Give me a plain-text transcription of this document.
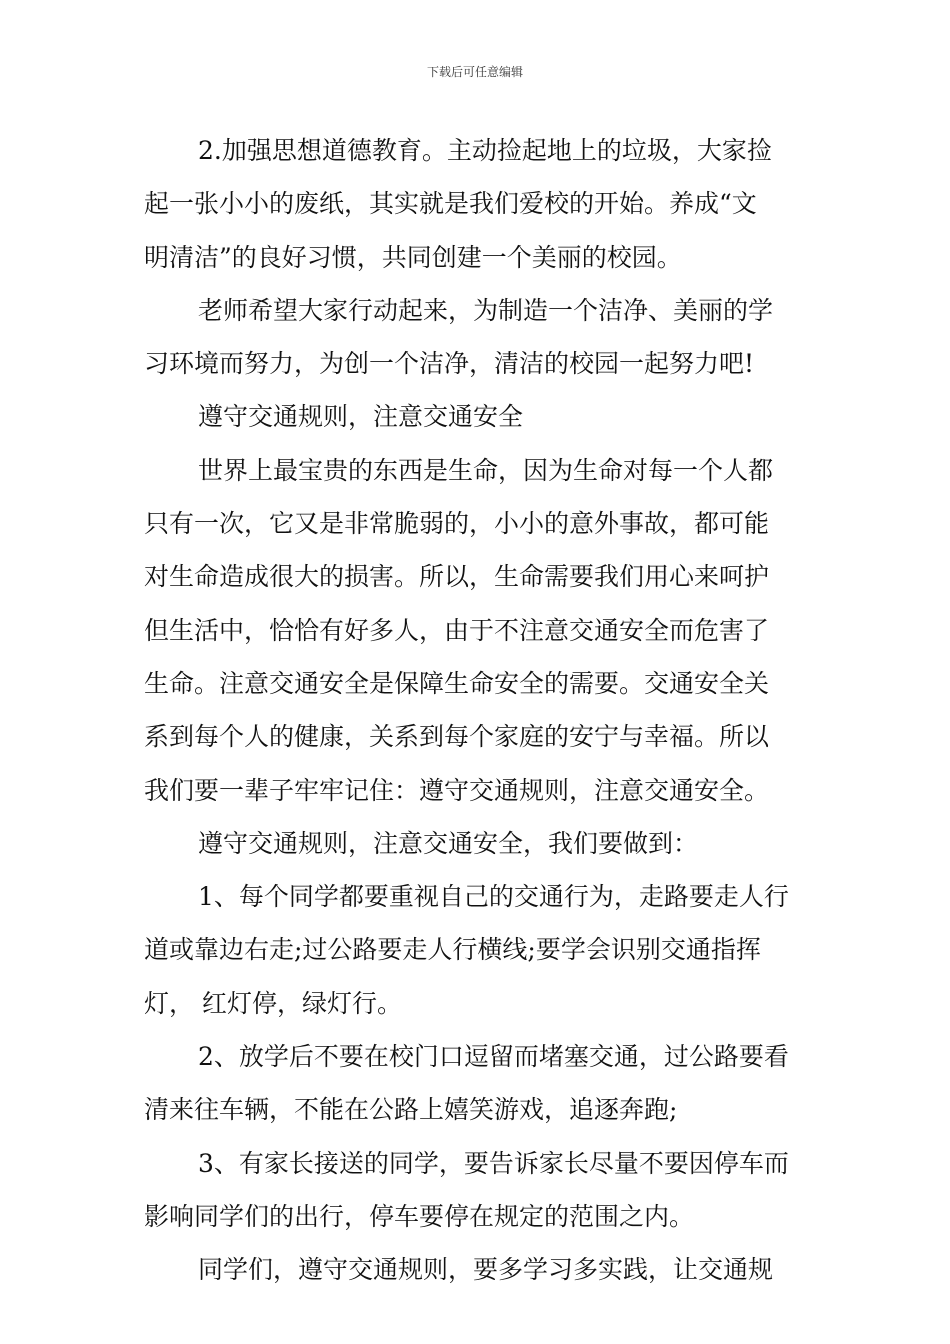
下载后可任意编辑
2.加强思想道德教育。主动捡起地上的垃圾，大家捡
起一张小小的废纸，其实就是我们爱校的开始。养成“文
明清洁”的良好习惯，共同创建一个美丽的校园。
老师希望大家行动起来，为制造一个洁净、美丽的学
习环境而努力，为创一个洁净，清洁的校园一起努力吧!
遵守交通规则，注意交通安全
世界上最宝贵的东西是生命，因为生命对每一个人都
只有一次，它又是非常脆弱的，小小的意外事故，都可能
对生命造成很大的损害。所以，生命需要我们用心来呵护
但生活中，恰恰有好多人，由于不注意交通安全而危害了
生命。注意交通安全是保障生命安全的需要。交通安全关
系到每个人的健康，关系到每个家庭的安宁与幸福。所以
我们要一辈子牢牢记住：遵守交通规则，注意交通安全。
遵守交通规则，注意交通安全，我们要做到：
1、每个同学都要重视自己的交通行为，走路要走人行
道或靠边右走;过公路要走人行横线;要学会识别交通指挥
灯， 红灯停，绿灯行。
2、放学后不要在校门口逗留而堵塞交通，过公路要看
清来往车辆，不能在公路上嬉笑游戏，追逐奔跑;
3、有家长接送的同学，要告诉家长尽量不要因停车而
影响同学们的出行，停车要停在规定的范围之内。
同学们，遵守交通规则，要多学习多实践，让交通规
